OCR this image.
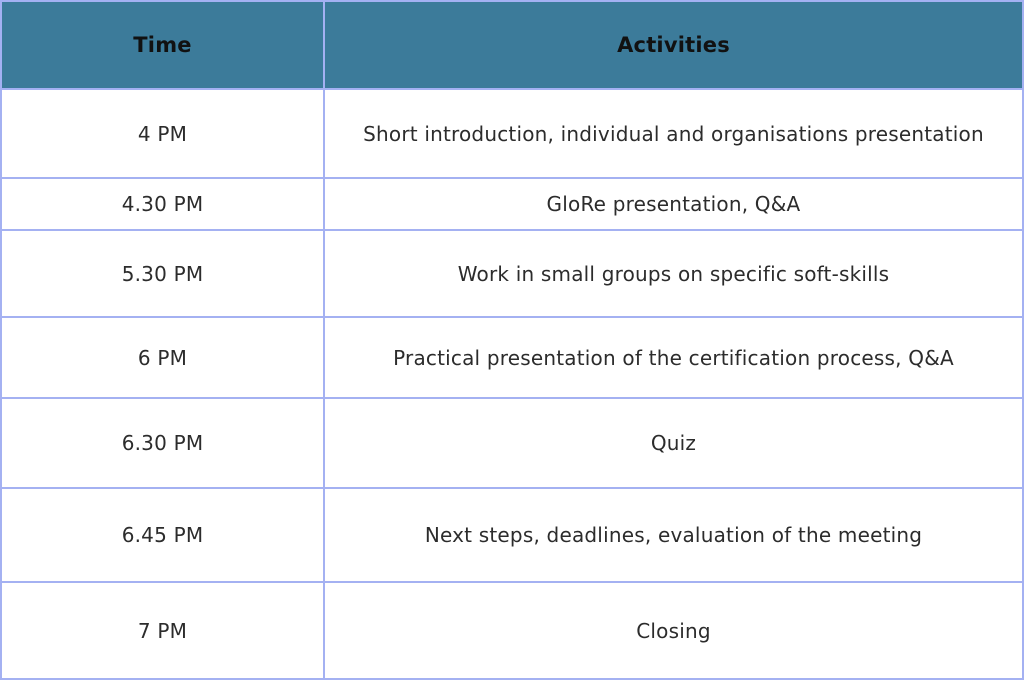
Time	Activities
4 PM	Short introduction, individual and organisations presentation
4.30 PM	GloRe presentation, Q&A
5.30 PM	Work in small groups on specific soft-skills
6 PM	Practical presentation of the certification process, Q&A
6.30 PM	Quiz
6.45 PM	Next steps, deadlines, evaluation of the meeting
7 PM	Closing
